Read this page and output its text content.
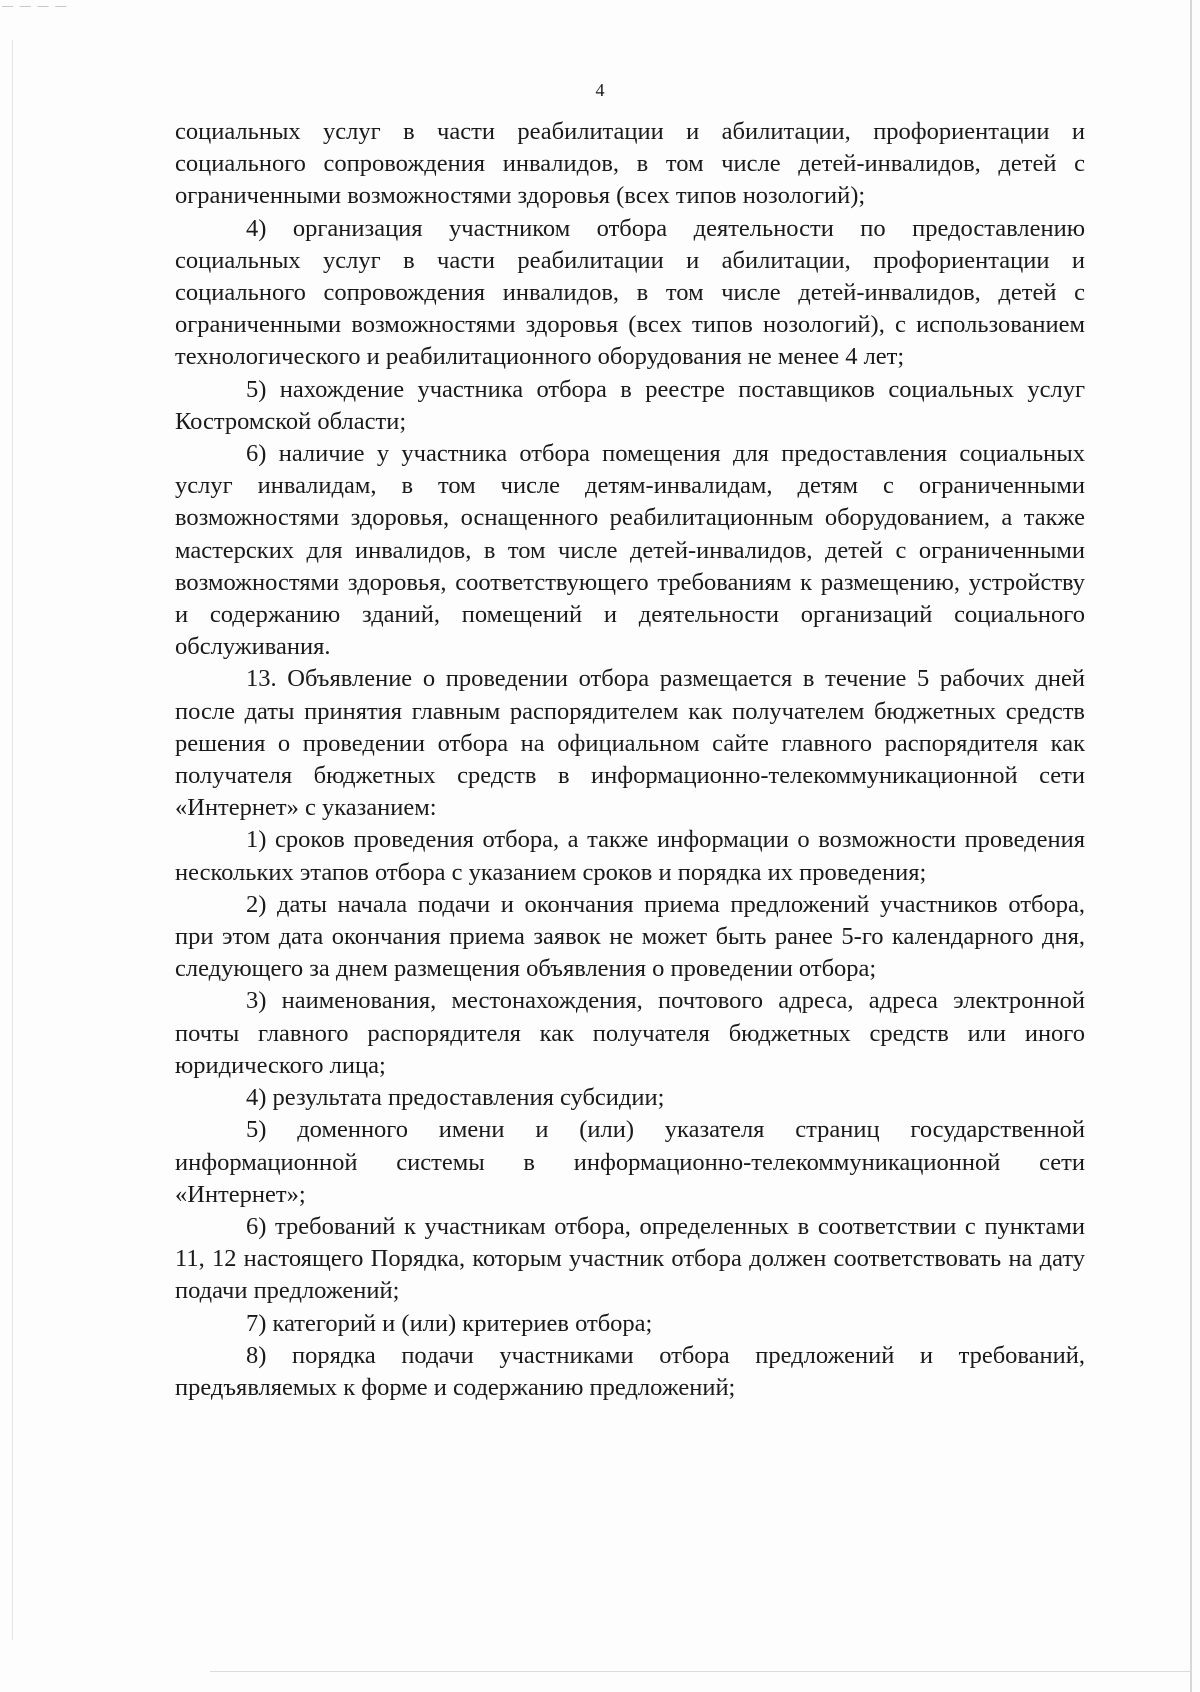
— — — —
4

социальных услуг в части реабилитации и абилитации, профориентации и социального сопровождения инвалидов, в том числе детей-инвалидов, детей с ограниченными возможностями здоровья (всех типов нозологий);

4) организация участником отбора деятельности по предоставлению социальных услуг в части реабилитации и абилитации, профориентации и социального сопровождения инвалидов, в том числе детей-инвалидов, детей с ограниченными возможностями здоровья (всех типов нозологий), с использованием технологического и реабилитационного оборудования не менее 4 лет;

5) нахождение участника отбора в реестре поставщиков социальных услуг Костромской области;

6) наличие у участника отбора помещения для предоставления социальных услуг инвалидам, в том числе детям-инвалидам, детям с ограниченными возможностями здоровья, оснащенного реабилитационным оборудованием, а также мастерских для инвалидов, в том числе детей-инвалидов, детей с ограниченными возможностями здоровья, соответствующего требованиям к размещению, устройству и содержанию зданий, помещений и деятельности организаций социального обслуживания.

13. Объявление о проведении отбора размещается в течение 5 рабочих дней после даты принятия главным распорядителем как получателем бюджетных средств решения о проведении отбора на официальном сайте главного распорядителя как получателя бюджетных средств в информационно-телекоммуникационной сети «Интернет» с указанием:

1) сроков проведения отбора, а также информации о возможности проведения нескольких этапов отбора с указанием сроков и порядка их проведения;

2) даты начала подачи и окончания приема предложений участников отбора, при этом дата окончания приема заявок не может быть ранее 5-го календарного дня, следующего за днем размещения объявления о проведении отбора;

3) наименования, местонахождения, почтового адреса, адреса электронной почты главного распорядителя как получателя бюджетных средств или иного юридического лица;

4) результата предоставления субсидии;

5) доменного имени и (или) указателя страниц государственной информационной системы в информационно-телекоммуникационной сети «Интернет»;

6) требований к участникам отбора, определенных в соответствии с пунктами 11, 12 настоящего Порядка, которым участник отбора должен соответствовать на дату подачи предложений;

7) категорий и (или) критериев отбора;

8) порядка подачи участниками отбора предложений и требований, предъявляемых к форме и содержанию предложений;
